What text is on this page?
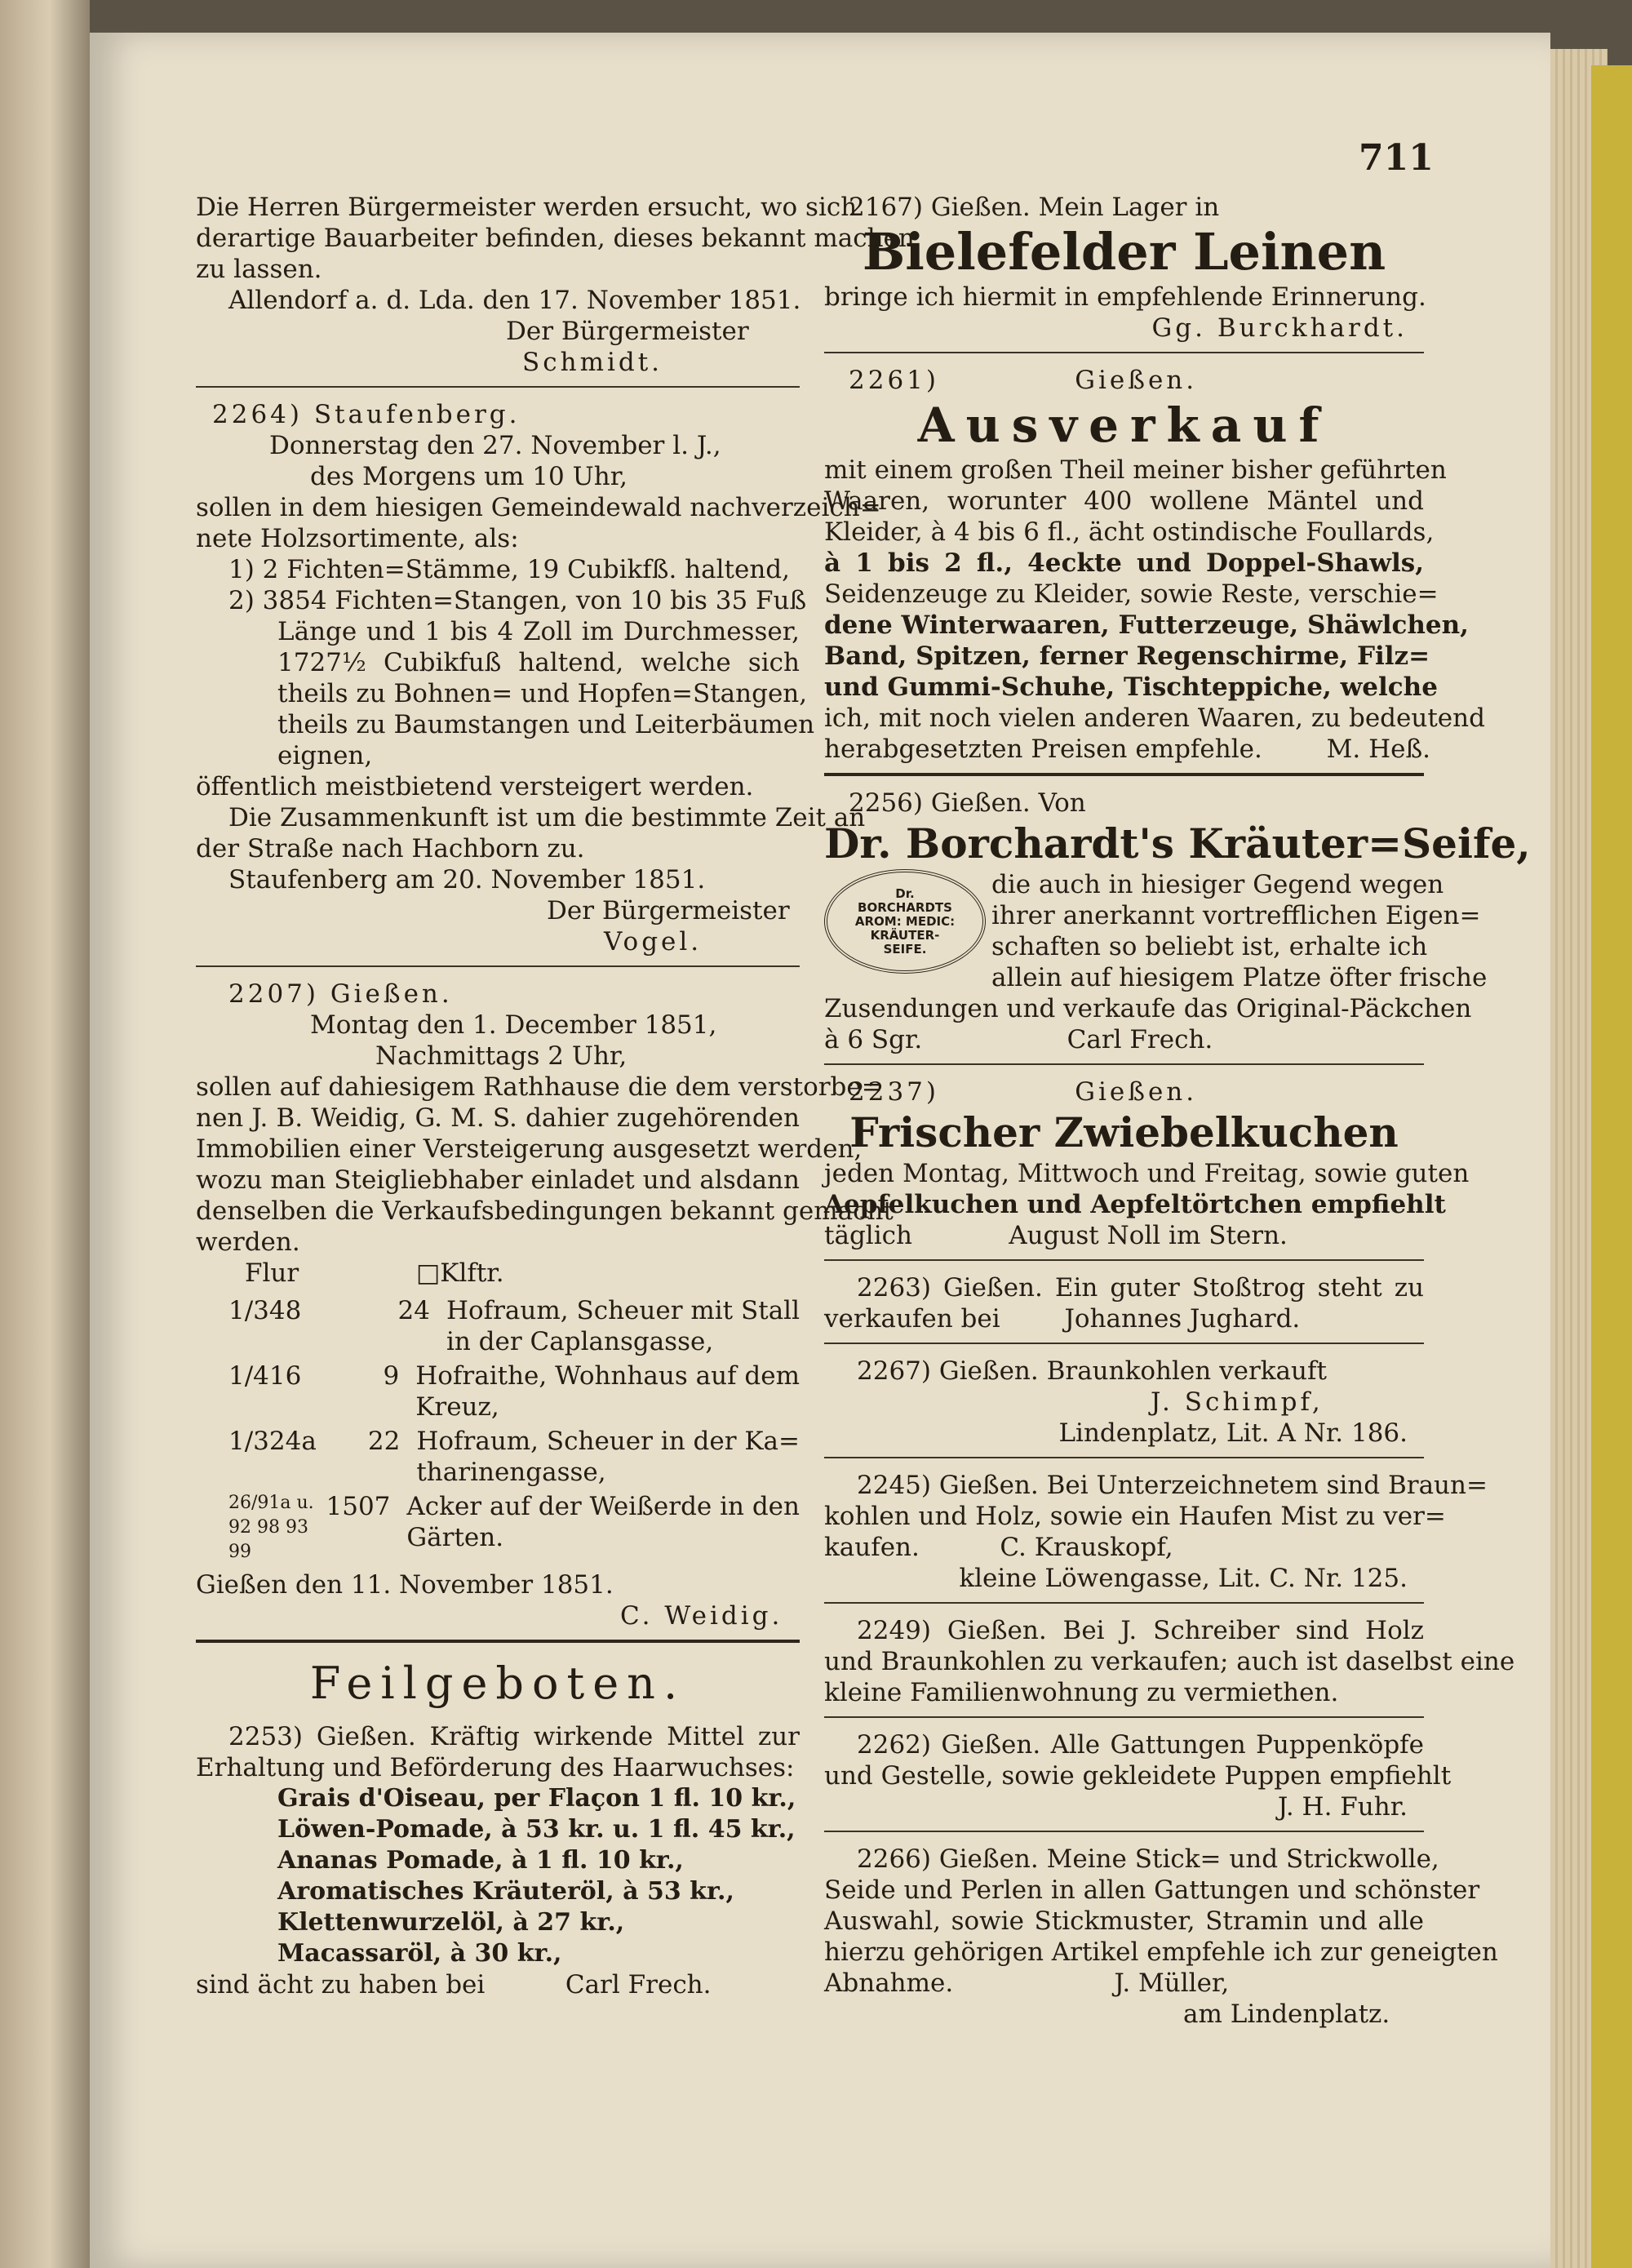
711
Die Herren Bürgermeister werden ersucht, wo sich
derartige Bauarbeiter befinden, dieses bekannt machen
zu lassen.
Allendorf a. d. Lda. den 17. November 1851.
Der Bürgermeister
Schmidt.
2264) Staufenberg.
Donnerstag den 27. November l. J.,
des Morgens um 10 Uhr,
sollen in dem hiesigen Gemeindewald nachverzeich=
nete Holzsortimente, als:
1) 2 Fichten=Stämme, 19 Cubikfß. haltend,
2) 3854 Fichten=Stangen, von 10 bis 35 Fuß
Länge und 1 bis 4 Zoll im Durchmesser,
1727½ Cubikfuß haltend, welche sich
theils zu Bohnen= und Hopfen=Stangen,
theils zu Baumstangen und Leiterbäumen
eignen,
öffentlich meistbietend versteigert werden.
Die Zusammenkunft ist um die bestimmte Zeit an
der Straße nach Hachborn zu.
Staufenberg am 20. November 1851.
Der Bürgermeister
Vogel.
2207) Gießen.
Montag den 1. December 1851,
Nachmittags 2 Uhr,
sollen auf dahiesigem Rathhause die dem verstorbe=
nen J. B. Weidig, G. M. S. dahier zugehörenden
Immobilien einer Versteigerung ausgesetzt werden,
wozu man Steigliebhaber einladet und alsdann
denselben die Verkaufsbedingungen bekannt gemacht
werden.
Flur	□Klftr.
1/348	24 Hofraum, Scheuer mit Stall
in der Caplansgasse,
1/416	9 Hofraithe, Wohnhaus auf dem
Kreuz,
1/324a	22 Hofraum, Scheuer in der Ka=
tharinengasse,
26/91a u. 92 98 93 99
1507 Acker auf der Weißerde in den
Gärten.
Gießen den 11. November 1851.
C. Weidig.
Feilgeboten.
2253) Gießen. Kräftig wirkende Mittel zur
Erhaltung und Beförderung des Haarwuchses:
Grais d'Oiseau, per Flaçon 1 fl. 10 kr.,
Löwen-Pomade, à 53 kr. u. 1 fl. 45 kr.,
Ananas Pomade, à 1 fl. 10 kr.,
Aromatisches Kräuteröl, à 53 kr.,
Klettenwurzelöl, à 27 kr.,
Macassaröl, à 30 kr.,
sind ächt zu haben bei          Carl Frech.
2167) Gießen. Mein Lager in
Bielefelder Leinen
bringe ich hiermit in empfehlende Erinnerung.
Gg. Burckhardt.
2261)            Gießen.
Ausverkauf
mit einem großen Theil meiner bisher geführten
Waaren, worunter 400 wollene Mäntel und
Kleider, à 4 bis 6 fl., ächt ostindische Foullards,
à 1 bis 2 fl., 4eckte und Doppel-Shawls,
Seidenzeuge zu Kleider, sowie Reste, verschie=
dene Winterwaaren, Futterzeuge, Shäwlchen,
Band, Spitzen, ferner Regenschirme, Filz=
und Gummi-Schuhe, Tischteppiche, welche
ich, mit noch vielen anderen Waaren, zu bedeutend
herabgesetzten Preisen empfehle.        M. Heß.
2256) Gießen. Von
Dr. Borchardt's Kräuter=Seife,
Dr.
BORCHARDTS
AROM: MEDIC:
KRÄUTER-
SEIFE.
die auch in hiesiger Gegend wegen
ihrer anerkannt vortrefflichen Eigen=
schaften so beliebt ist, erhalte ich
allein auf hiesigem Platze öfter frische
Zusendungen und verkaufe das Original-Päckchen
à 6 Sgr.                  Carl Frech.
2237)            Gießen.
Frischer Zwiebelkuchen
jeden Montag, Mittwoch und Freitag, sowie guten
Aepfelkuchen und Aepfeltörtchen empfiehlt
täglich            August Noll im Stern.
2263) Gießen. Ein guter Stoßtrog steht zu
verkaufen bei        Johannes Jughard.
2267) Gießen. Braunkohlen verkauft
J. Schimpf,
Lindenplatz, Lit. A Nr. 186.
2245) Gießen. Bei Unterzeichnetem sind Braun=
kohlen und Holz, sowie ein Haufen Mist zu ver=
kaufen.          C. Krauskopf,
kleine Löwengasse, Lit. C. Nr. 125.
2249) Gießen. Bei J. Schreiber sind Holz
und Braunkohlen zu verkaufen; auch ist daselbst eine
kleine Familienwohnung zu vermiethen.
2262) Gießen. Alle Gattungen Puppenköpfe
und Gestelle, sowie gekleidete Puppen empfiehlt
J. H. Fuhr.
2266) Gießen. Meine Stick= und Strickwolle,
Seide und Perlen in allen Gattungen und schönster
Auswahl, sowie Stickmuster, Stramin und alle
hierzu gehörigen Artikel empfehle ich zur geneigten
Abnahme.                    J. Müller,
am Lindenplatz.
